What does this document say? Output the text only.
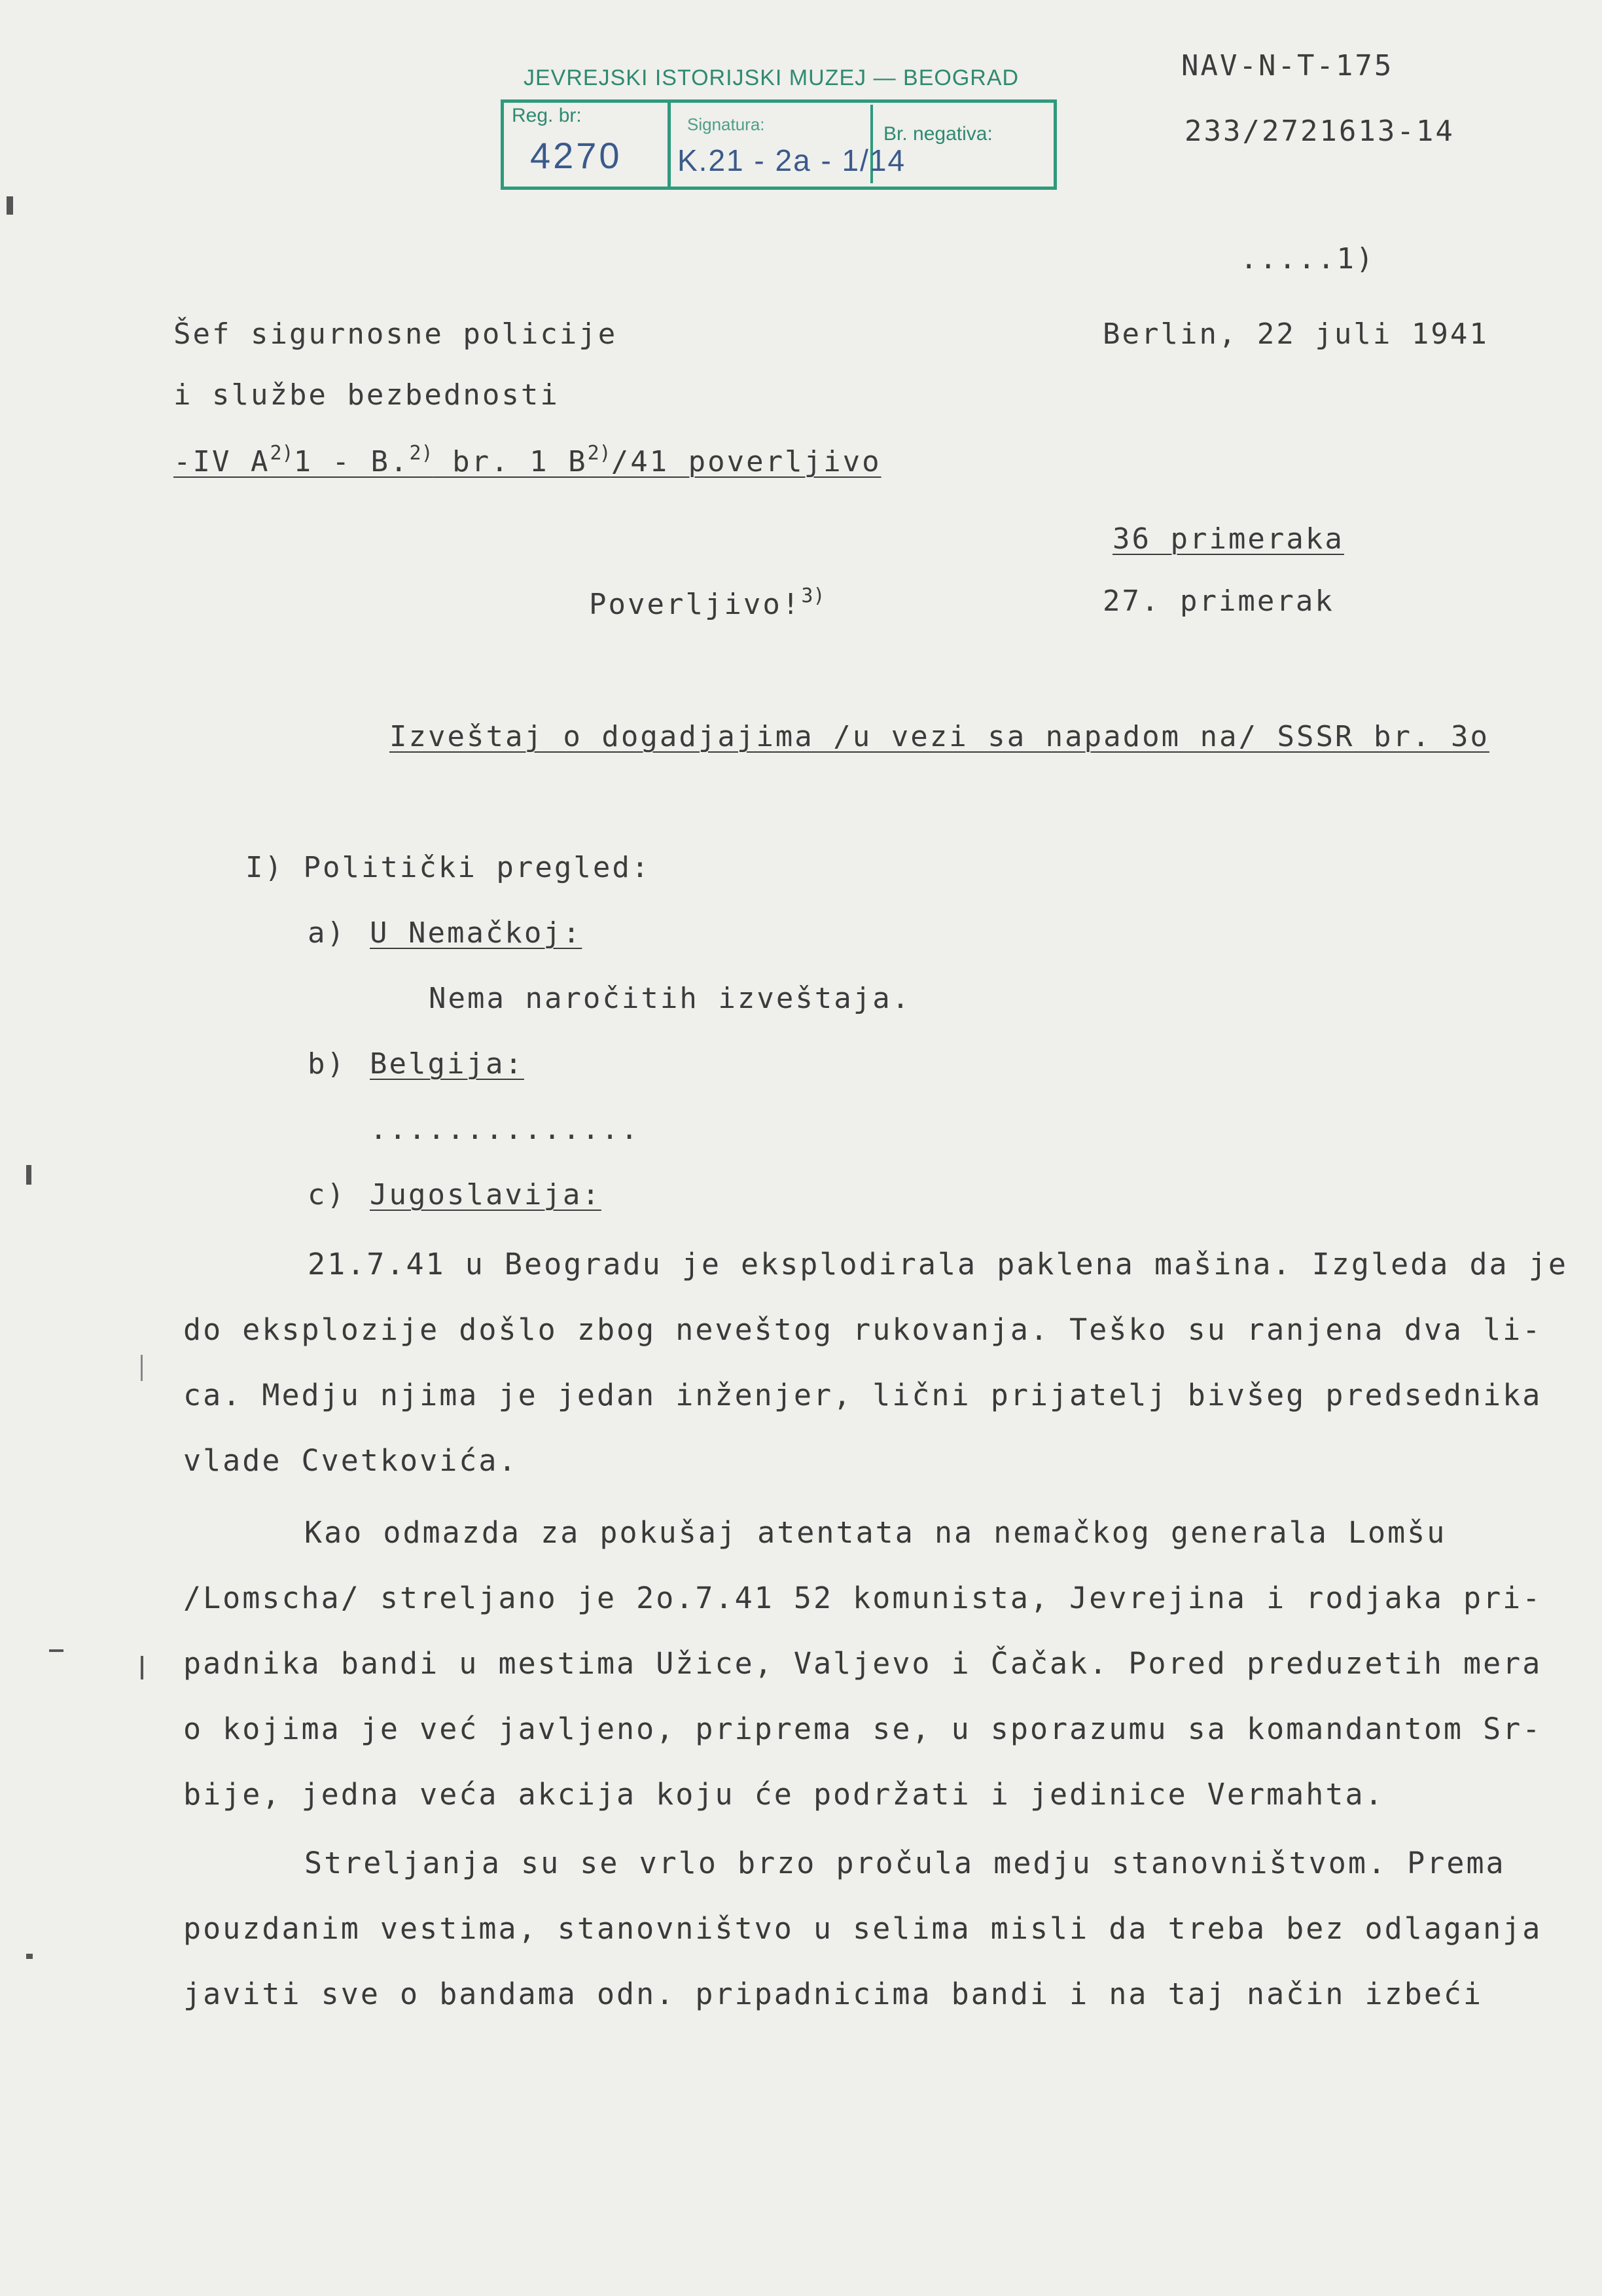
NAV-N-T-175
233/2721613-14
JEVREJSKI ISTORIJSKI MUZEJ — BEOGRAD
Reg. br:	Signatura:	Br. negativa:
4270 K.21 - 2a - 1/14
.....1)
Šef sigurnosne policije
i službe bezbednosti
-IV $A^{2)}1 - B.^{2)}$ br. 1 $B^{2)}/41$ poverljivo
Berlin, 22 juli 1941
36 primeraka
27. primerak
Poverljivo!$^{3)}$
Izveštaj o dogadjajima /u vezi sa napadom na/ SSSR br. 3o
I) Politički pregled:
a) U Nemačkoj:
Nema naročitih izveštaja.
b) Belgija:
..............
c) Jugoslavija:
21.7.41 u Beogradu je eksplodirala paklena mašina. Izgleda da je
do eksplozije došlo zbog neveštog rukovanja. Teško su ranjena dva li-
ca. Medju njima je jedan inženjer, lični prijatelj bivšeg predsednika
vlade Cvetkovića.
Kao odmazda za pokušaj atentata na nemačkog generala Lomšu
/Lomscha/ streljano je 2o.7.41 52 komunista, Jevrejina i rodjaka pri-
padnika bandi u mestima Užice, Valjevo i Čačak. Pored preduzetih mera
o kojima je već javljeno, priprema se, u sporazumu sa komandantom Sr-
bije, jedna veća akcija koju će podržati i jedinice Vermahta.
Streljanja su se vrlo brzo pročula medju stanovništvom. Prema
pouzdanim vestima, stanovništvo u selima misli da treba bez odlaganja
javiti sve o bandama odn. pripadnicima bandi i na taj način izbeći
